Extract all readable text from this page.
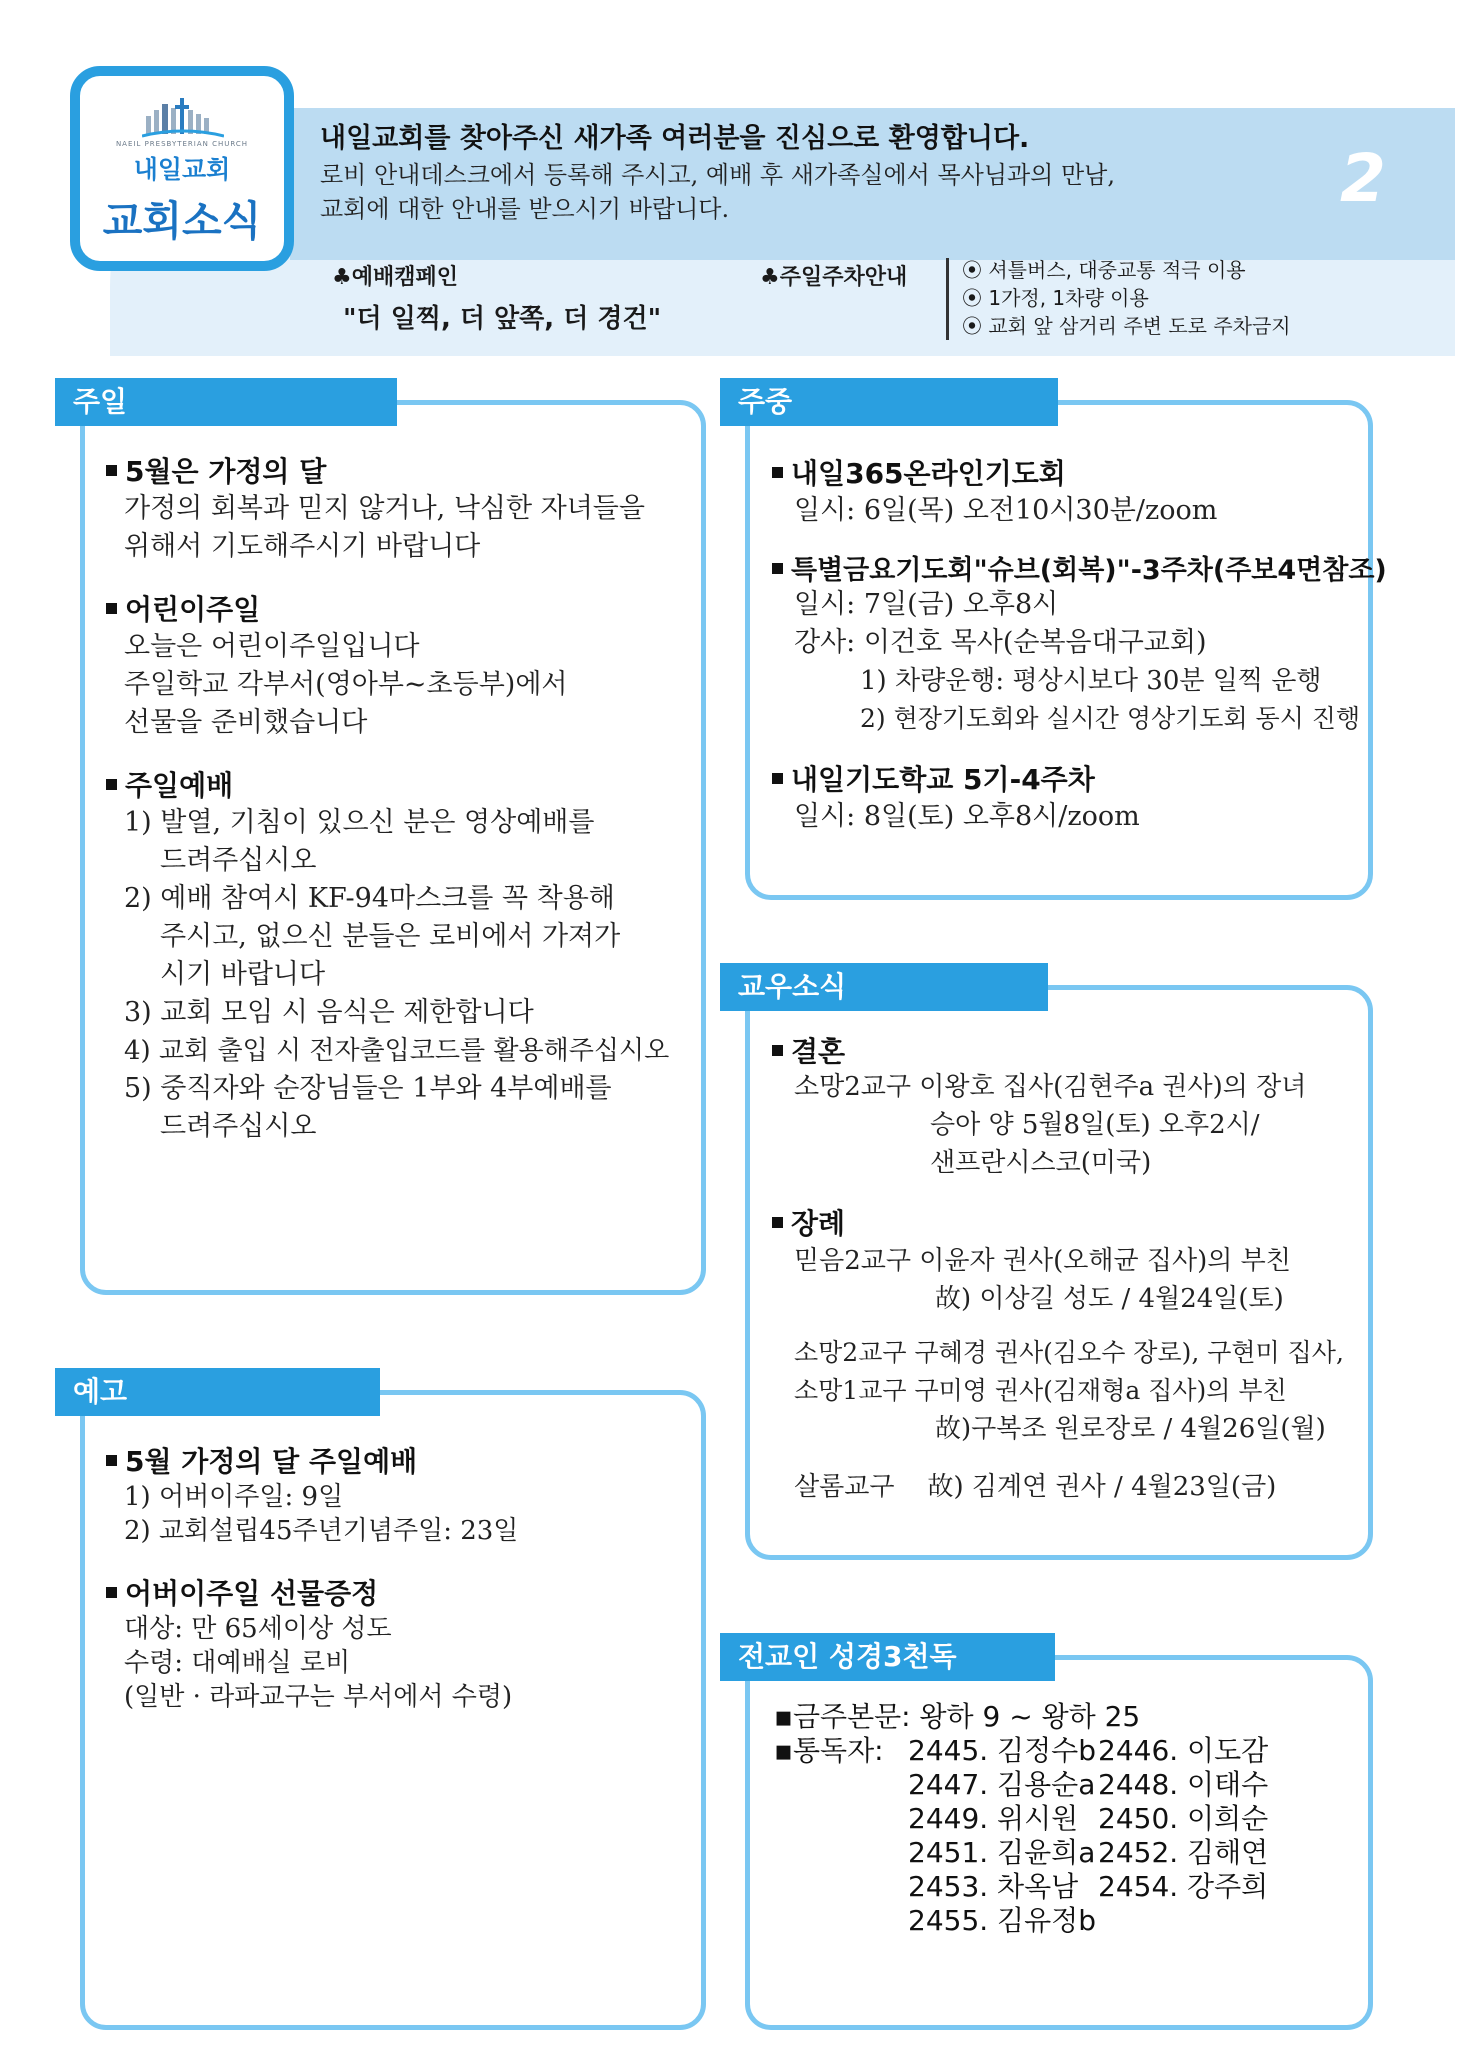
NAEIL PRESBYTERIAN CHURCH
내일교회
교회소식
내일교회를 찾아주신 새가족 여러분을 진심으로 환영합니다.
로비 안내데스크에서 등록해 주시고, 예배 후 새가족실에서 목사님과의 만남,
교회에 대한 안내를 받으시기 바랍니다.	2
♣예배캠페인
"더 일찍, 더 앞쪽, 더 경건"
♣주일주차안내	⦿ 셔틀버스, 대중교통 적극 이용
⦿ 1가정, 1차량 이용
⦿ 교회 앞 삼거리 주변 도로 주차금지
주일
5월은 가정의 달
가정의 회복과 믿지 않거나, 낙심한 자녀들을
위해서 기도해주시기 바랍니다
어린이주일
오늘은 어린이주일입니다
주일학교 각부서(영아부~초등부)에서
선물을 준비했습니다
주일예배
1) 발열, 기침이 있으신 분은 영상예배를
드려주십시오
2) 예배 참여시 KF-94마스크를 꼭 착용해
주시고, 없으신 분들은 로비에서 가져가
시기 바랍니다
3) 교회 모임 시 음식은 제한합니다
4) 교회 출입 시 전자출입코드를 활용해주십시오
5) 중직자와 순장님들은 1부와 4부예배를
드려주십시오
주중
내일365온라인기도회
일시: 6일(목) 오전10시30분/zoom
특별금요기도회"슈브(회복)"-3주차(주보4면참조)
일시: 7일(금) 오후8시
강사: 이건호 목사(순복음대구교회)
1) 차량운행: 평상시보다 30분 일찍 운행
2) 현장기도회와 실시간 영상기도회 동시 진행
내일기도학교 5기-4주차
일시: 8일(토) 오후8시/zoom
예고
5월 가정의 달 주일예배
1) 어버이주일: 9일
2) 교회설립45주년기념주일: 23일
어버이주일 선물증정
대상: 만 65세이상 성도
수령: 대예배실 로비
(일반 · 라파교구는 부서에서 수령)
교우소식
결혼
소망2교구 이왕호 집사(김현주a 권사)의 장녀
승아 양 5월8일(토) 오후2시/
샌프란시스코(미국)
장례
믿음2교구 이윤자 권사(오해균 집사)의 부친
故) 이상길 성도 / 4월24일(토)
소망2교구 구혜경 권사(김오수 장로), 구현미 집사,
소망1교구 구미영 권사(김재형a 집사)의 부친
故)구복조 원로장로 / 4월26일(월)
살롬교구    故) 김계연 권사 / 4월23일(금)
전교인 성경3천독
▪금주본문: 왕하 9 ~ 왕하 25
▪통독자: 2445. 김정수b 2446. 이도감
2447. 김용순a 2448. 이태수
2449. 위시원 2450. 이희순
2451. 김윤희a 2452. 김해연
2453. 차옥남 2454. 강주희
2455. 김유정b
